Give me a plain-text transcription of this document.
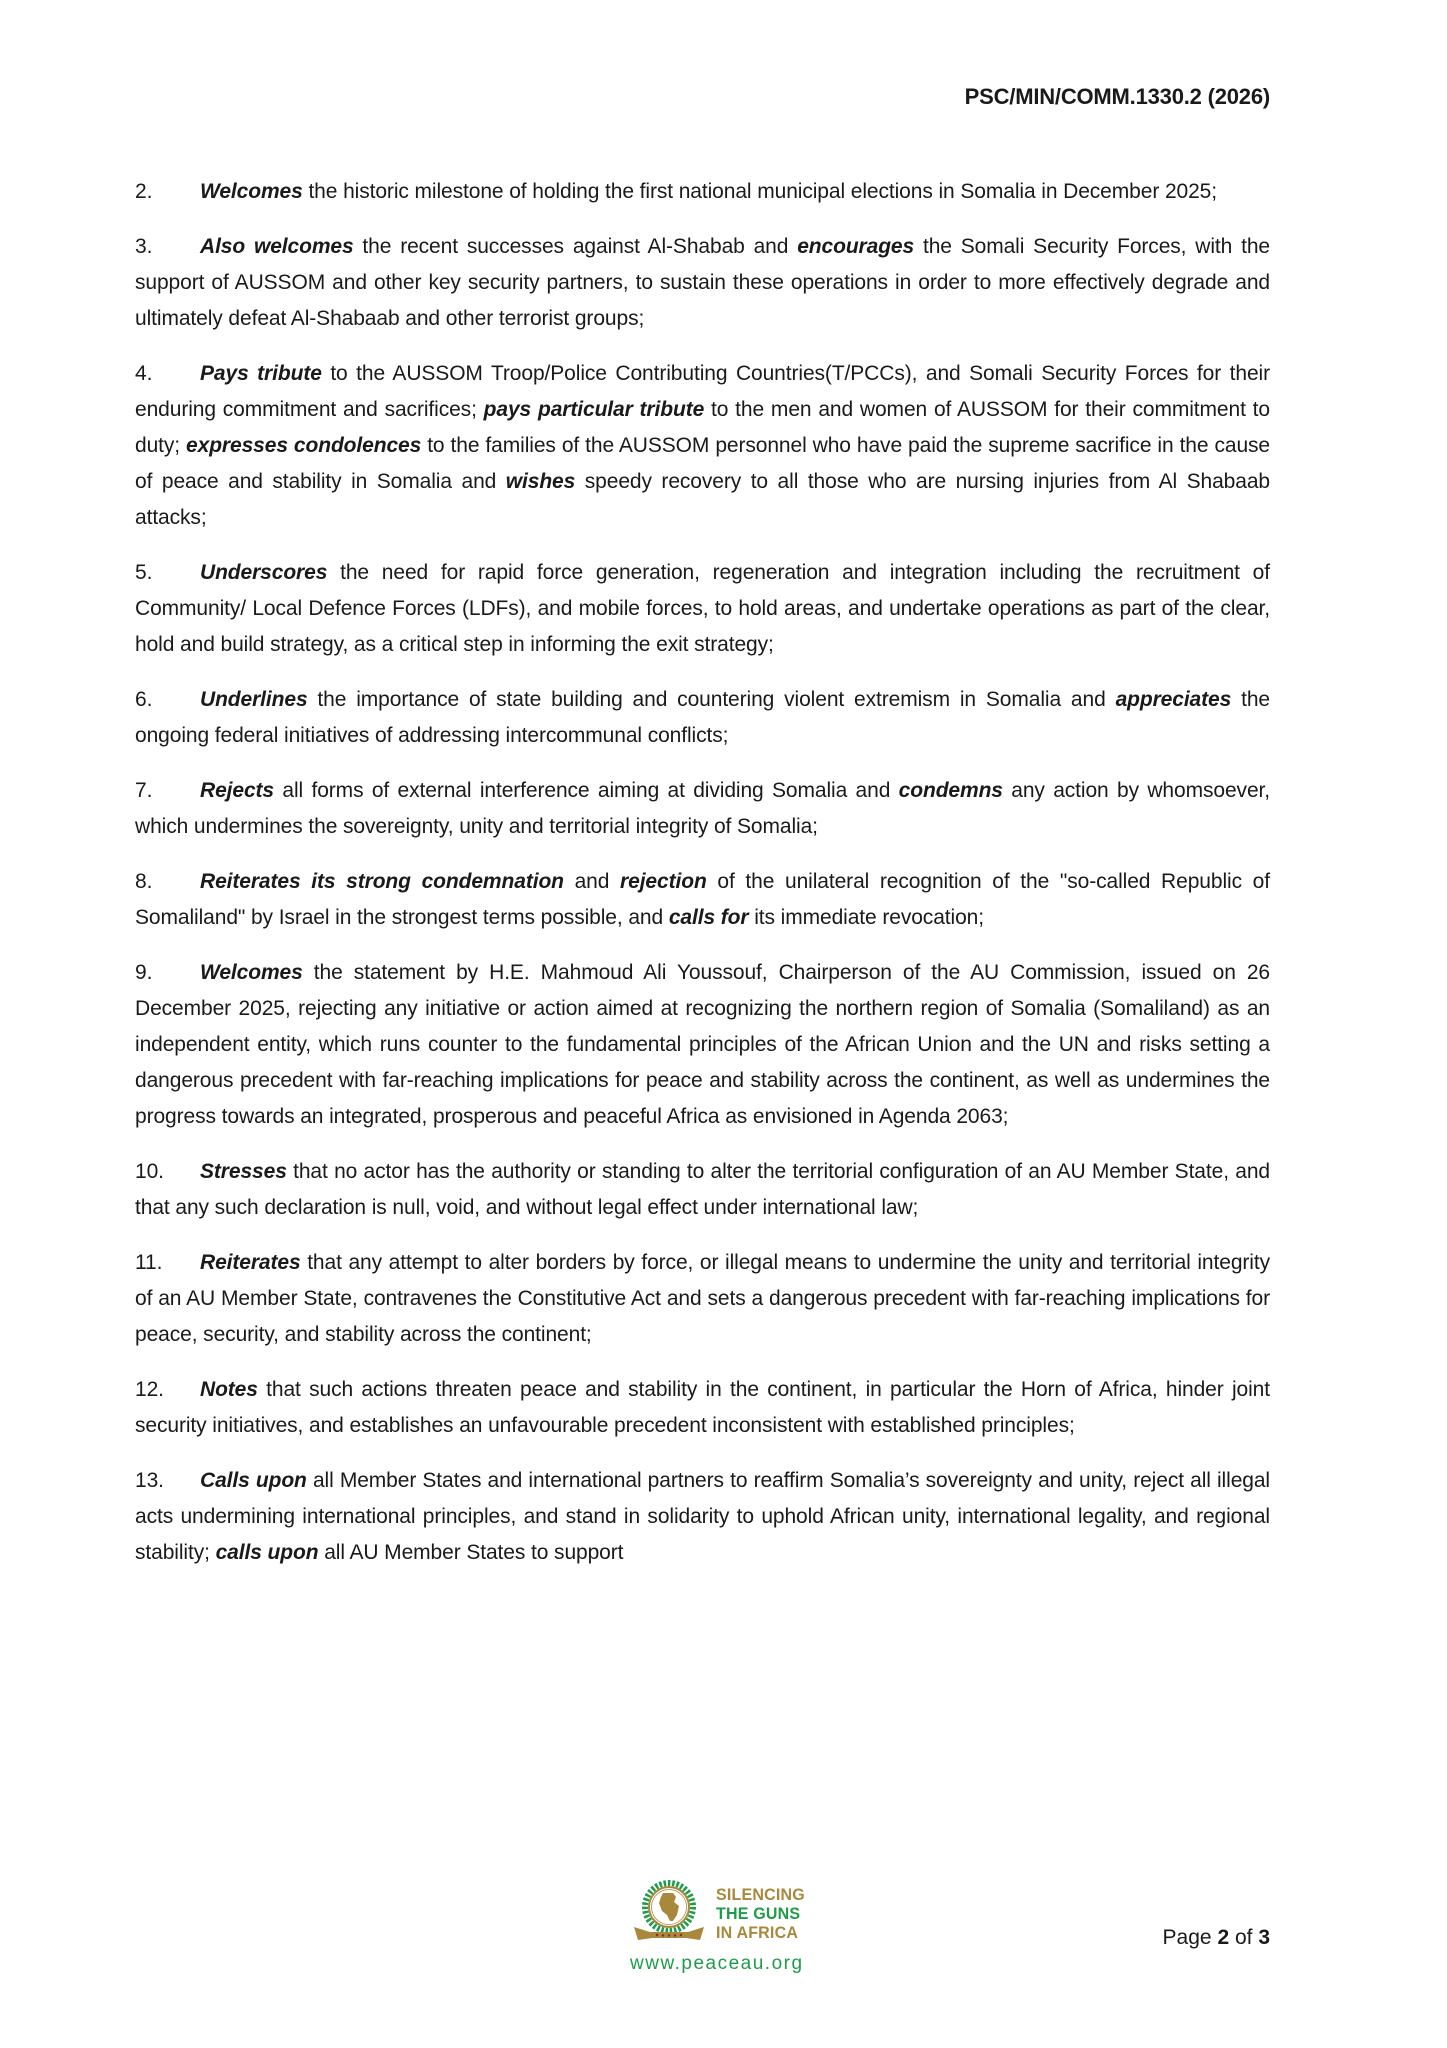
PSC/MIN/COMM.1330.2 (2026)

2. Welcomes the historic milestone of holding the first national municipal elections in Somalia in December 2025;

3. Also welcomes the recent successes against Al-Shabab and encourages the Somali Security Forces, with the support of AUSSOM and other key security partners, to sustain these operations in order to more effectively degrade and ultimately defeat Al-Shabaab and other terrorist groups;

4. Pays tribute to the AUSSOM Troop/Police Contributing Countries(T/PCCs), and Somali Security Forces for their enduring commitment and sacrifices; pays particular tribute to the men and women of AUSSOM for their commitment to duty; expresses condolences to the families of the AUSSOM personnel who have paid the supreme sacrifice in the cause of peace and stability in Somalia and wishes speedy recovery to all those who are nursing injuries from Al Shabaab attacks;

5. Underscores the need for rapid force generation, regeneration and integration including the recruitment of Community/ Local Defence Forces (LDFs), and mobile forces, to hold areas, and undertake operations as part of the clear, hold and build strategy, as a critical step in informing the exit strategy;

6. Underlines the importance of state building and countering violent extremism in Somalia and appreciates the ongoing federal initiatives of addressing intercommunal conflicts;

7. Rejects all forms of external interference aiming at dividing Somalia and condemns any action by whomsoever, which undermines the sovereignty, unity and territorial integrity of Somalia;

8. Reiterates its strong condemnation and rejection of the unilateral recognition of the "so-called Republic of Somaliland" by Israel in the strongest terms possible, and calls for its immediate revocation;

9. Welcomes the statement by H.E. Mahmoud Ali Youssouf, Chairperson of the AU Commission, issued on 26 December 2025, rejecting any initiative or action aimed at recognizing the northern region of Somalia (Somaliland) as an independent entity, which runs counter to the fundamental principles of the African Union and the UN and risks setting a dangerous precedent with far-reaching implications for peace and stability across the continent, as well as undermines the progress towards an integrated, prosperous and peaceful Africa as envisioned in Agenda 2063;

10. Stresses that no actor has the authority or standing to alter the territorial configuration of an AU Member State, and that any such declaration is null, void, and without legal effect under international law;

11. Reiterates that any attempt to alter borders by force, or illegal means to undermine the unity and territorial integrity of an AU Member State, contravenes the Constitutive Act and sets a dangerous precedent with far-reaching implications for peace, security, and stability across the continent;

12. Notes that such actions threaten peace and stability in the continent, in particular the Horn of Africa, hinder joint security initiatives, and establishes an unfavourable precedent inconsistent with established principles;

13. Calls upon all Member States and international partners to reaffirm Somalia’s sovereignty and unity, reject all illegal acts undermining international principles, and stand in solidarity to uphold African unity, international legality, and regional stability; calls upon all AU Member States to support

SILENCING
THE GUNS
IN AFRICA
www.peaceau.org
Page 2 of 3
